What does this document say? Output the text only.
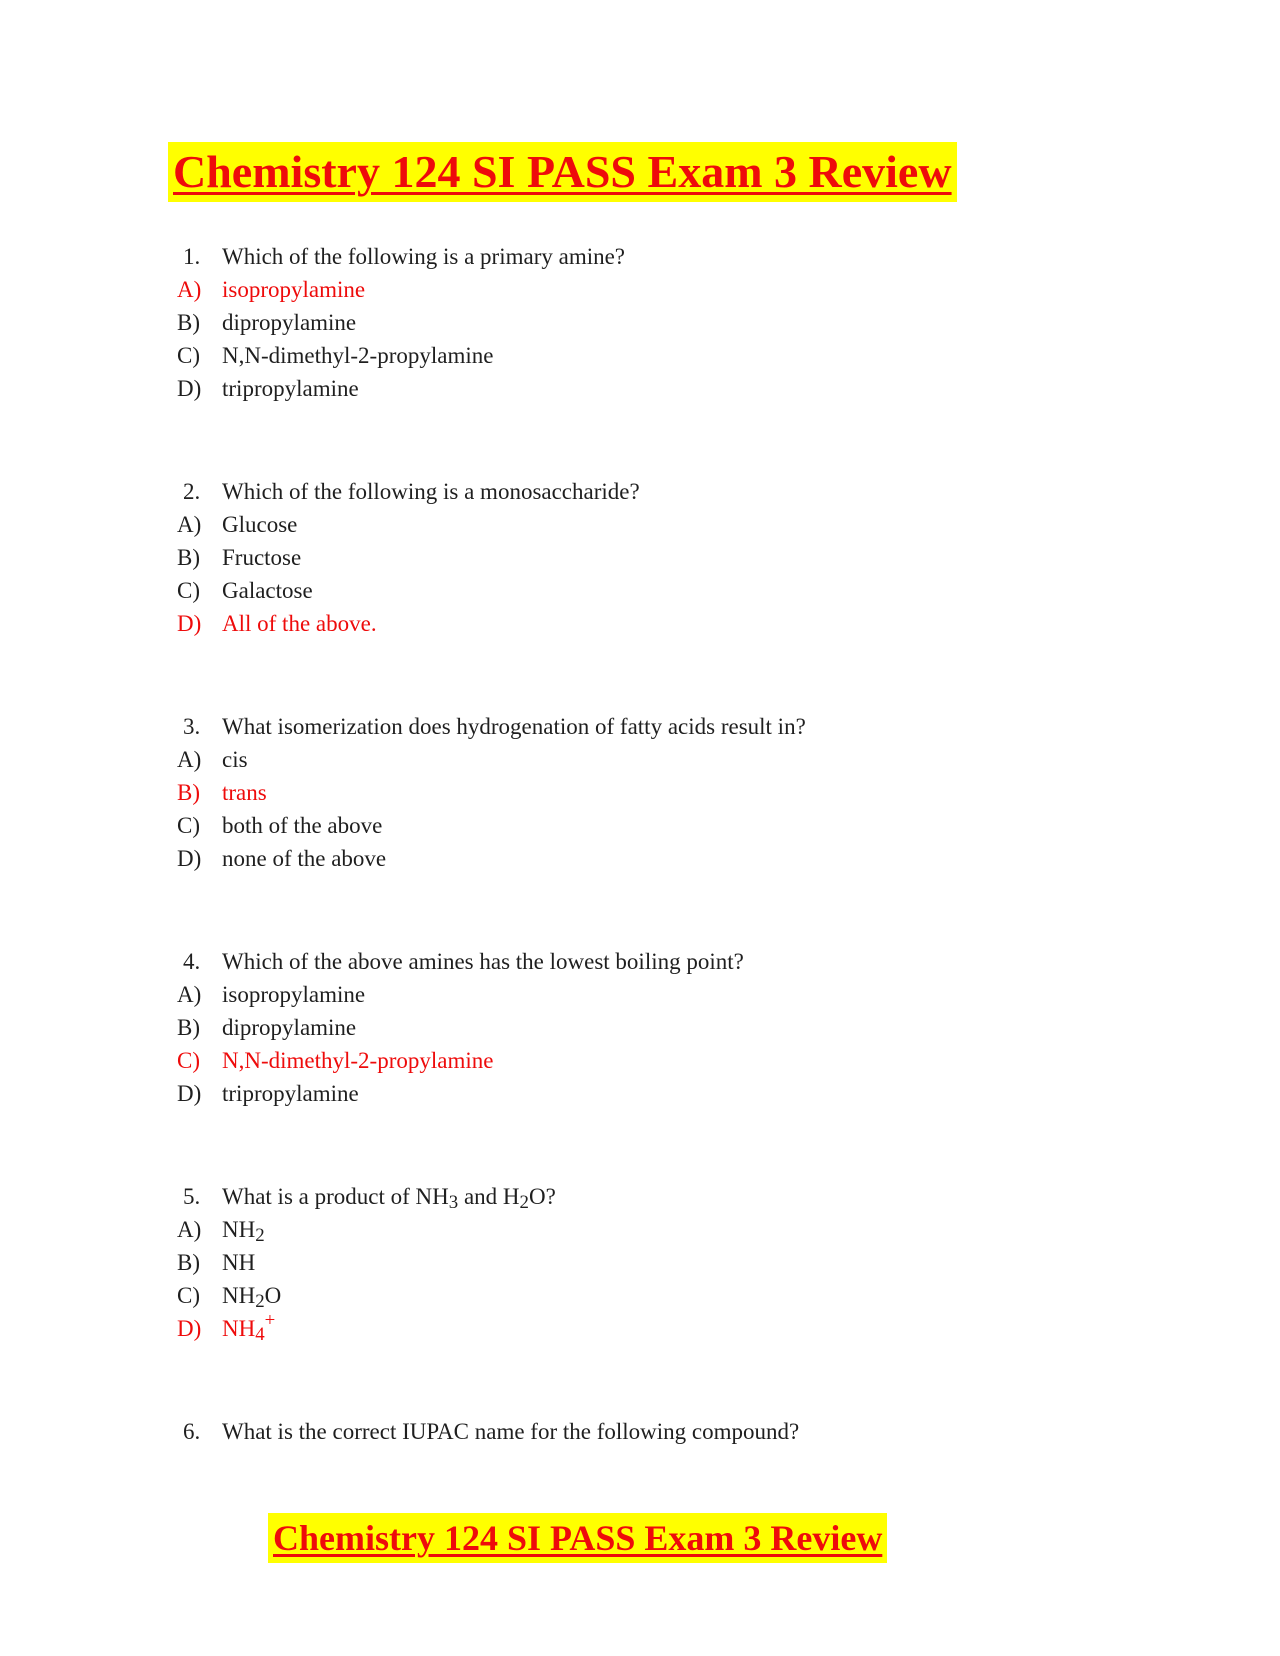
Chemistry 124 SI PASS Exam 3 Review
1. Which of the following is a primary amine?
A) isopropylamine
B) dipropylamine
C) N,N-dimethyl-2-propylamine
D) tripropylamine
2. Which of the following is a monosaccharide?
A) Glucose
B) Fructose
C) Galactose
D) All of the above.
3. What isomerization does hydrogenation of fatty acids result in?
A) cis
B) trans
C) both of the above
D) none of the above
4. Which of the above amines has the lowest boiling point?
A) isopropylamine
B) dipropylamine
C) N,N-dimethyl-2-propylamine
D) tripropylamine
5. What is a product of $NH_3$ and $H_2O$?
A) $NH_2$
B) NH
C) $NH_2O$
D) $NH_4^+$
6. What is the correct IUPAC name for the following compound?
Chemistry 124 SI PASS Exam 3 Review
